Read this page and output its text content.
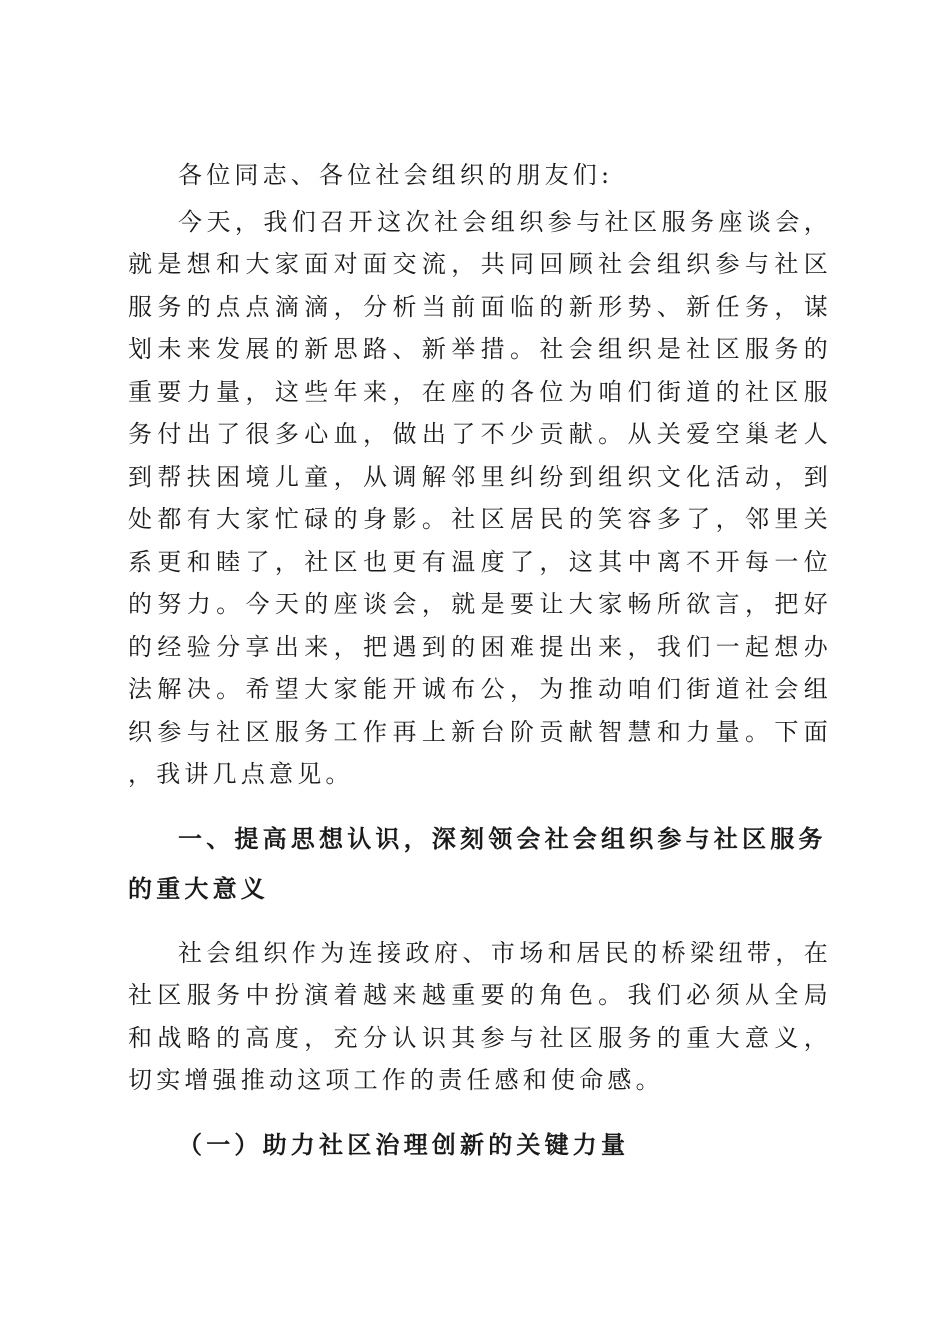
各位同志、各位社会组织的朋友们:

今天，我们召开这次社会组织参与社区服务座谈会，就是想和大家面对面交流，共同回顾社会组织参与社区服务的点点滴滴，分析当前面临的新形势、新任务，谋划未来发展的新思路、新举措。社会组织是社区服务的重要力量，这些年来，在座的各位为咱们街道的社区服务付出了很多心血，做出了不少贡献。从关爱空巢老人到帮扶困境儿童，从调解邻里纠纷到组织文化活动，到处都有大家忙碌的身影。社区居民的笑容多了，邻里关系更和睦了，社区也更有温度了，这其中离不开每一位的努力。今天的座谈会，就是要让大家畅所欲言，把好的经验分享出来，把遇到的困难提出来，我们一起想办法解决。希望大家能开诚布公，为推动咱们街道社会组织参与社区服务工作再上新台阶贡献智慧和力量。下面，我讲几点意见。

一、提高思想认识，深刻领会社会组织参与社区服务的重大意义

社会组织作为连接政府、市场和居民的桥梁纽带，在社区服务中扮演着越来越重要的角色。我们必须从全局和战略的高度，充分认识其参与社区服务的重大意义，切实增强推动这项工作的责任感和使命感。

（一）助力社区治理创新的关键力量
